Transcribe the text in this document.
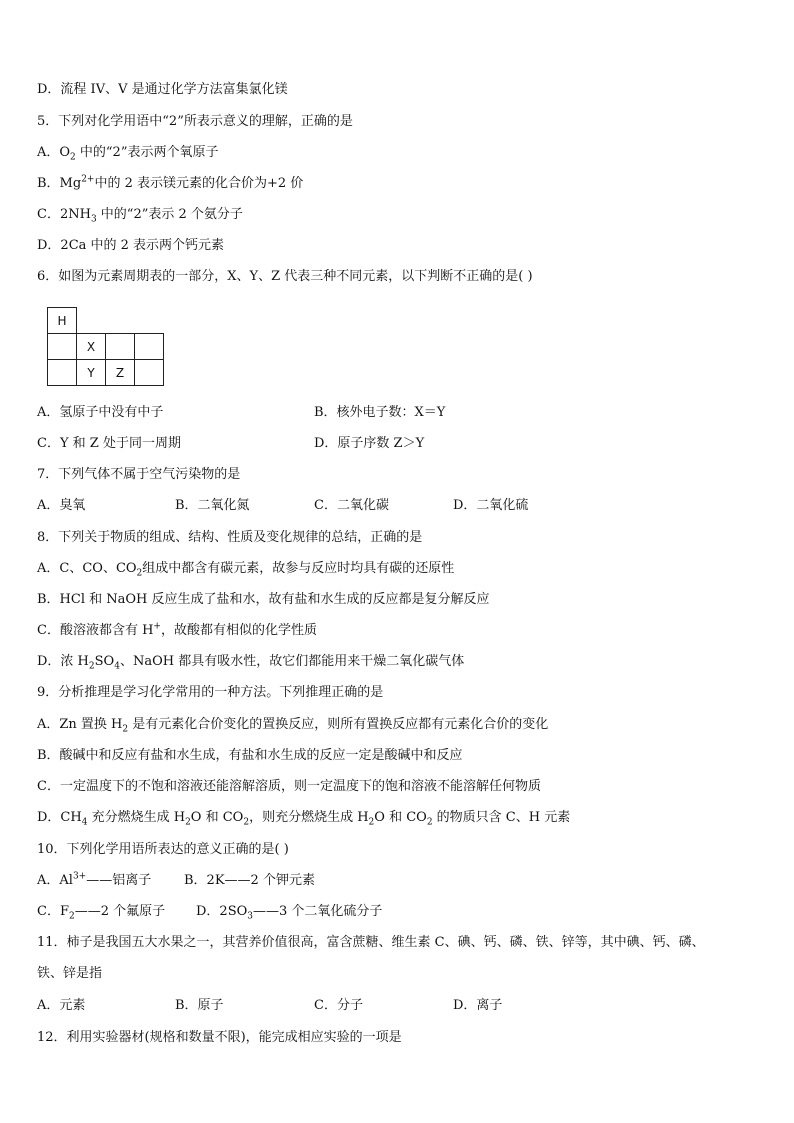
D．流程 IV、V 是通过化学方法富集氯化镁
5．下列对化学用语中“2”所表示意义的理解，正确的是
A．$O_2$ 中的“2”表示两个氧原子
B．$Mg^{2+}$中的 2 表示镁元素的化合价为+2 价
C．$2NH_3$ 中的“2”表示 2 个氨分子
D．2Ca 中的 2 表示两个钙元素
6．如图为元素周期表的一部分，X、Y、Z 代表三种不同元素，以下判断不正确的是( )
H			
	X		
	Y	Z	
A．氢原子中没有中子	B．核外电子数：X＝Y
C．Y 和 Z 处于同一周期	D．原子序数 Z＞Y
7．下列气体不属于空气污染物的是
A．臭氧	B．二氧化氮	C．二氧化碳	D．二氧化硫
8．下列关于物质的组成、结构、性质及变化规律的总结，正确的是
A．C、CO、$CO_2$组成中都含有碳元素，故参与反应时均具有碳的还原性
B．HCl 和 NaOH 反应生成了盐和水，故有盐和水生成的反应都是复分解反应
C．酸溶液都含有 H+，故酸都有相似的化学性质
D．浓 $H_2SO_4$、NaOH 都具有吸水性，故它们都能用来干燥二氧化碳气体
9．分析推理是学习化学常用的一种方法。下列推理正确的是
A．Zn 置换 $H_2$ 是有元素化合价变化的置换反应，则所有置换反应都有元素化合价的变化
B．酸碱中和反应有盐和水生成，有盐和水生成的反应一定是酸碱中和反应
C．一定温度下的不饱和溶液还能溶解溶质，则一定温度下的饱和溶液不能溶解任何物质
D．$CH_4$ 充分燃烧生成 $H_2O$ 和 $CO_2$，则充分燃烧生成 $H_2O$ 和 $CO_2$ 的物质只含 C、H 元素
10．下列化学用语所表达的意义正确的是( )
A．$Al^{3+}——$铝离子	B．2K——2 个钾元素
C．$F_2——2$ 个氟原子 D．$2SO_3——3$ 个二氧化硫分子
11．柿子是我国五大水果之一，其营养价值很高，富含蔗糖、维生素 C、碘、钙、磷、铁、锌等，其中碘、钙、磷、
铁、锌是指
A．元素	B．原子	C．分子	D．离子
12．利用实验器材(规格和数量不限)，能完成相应实验的一项是
